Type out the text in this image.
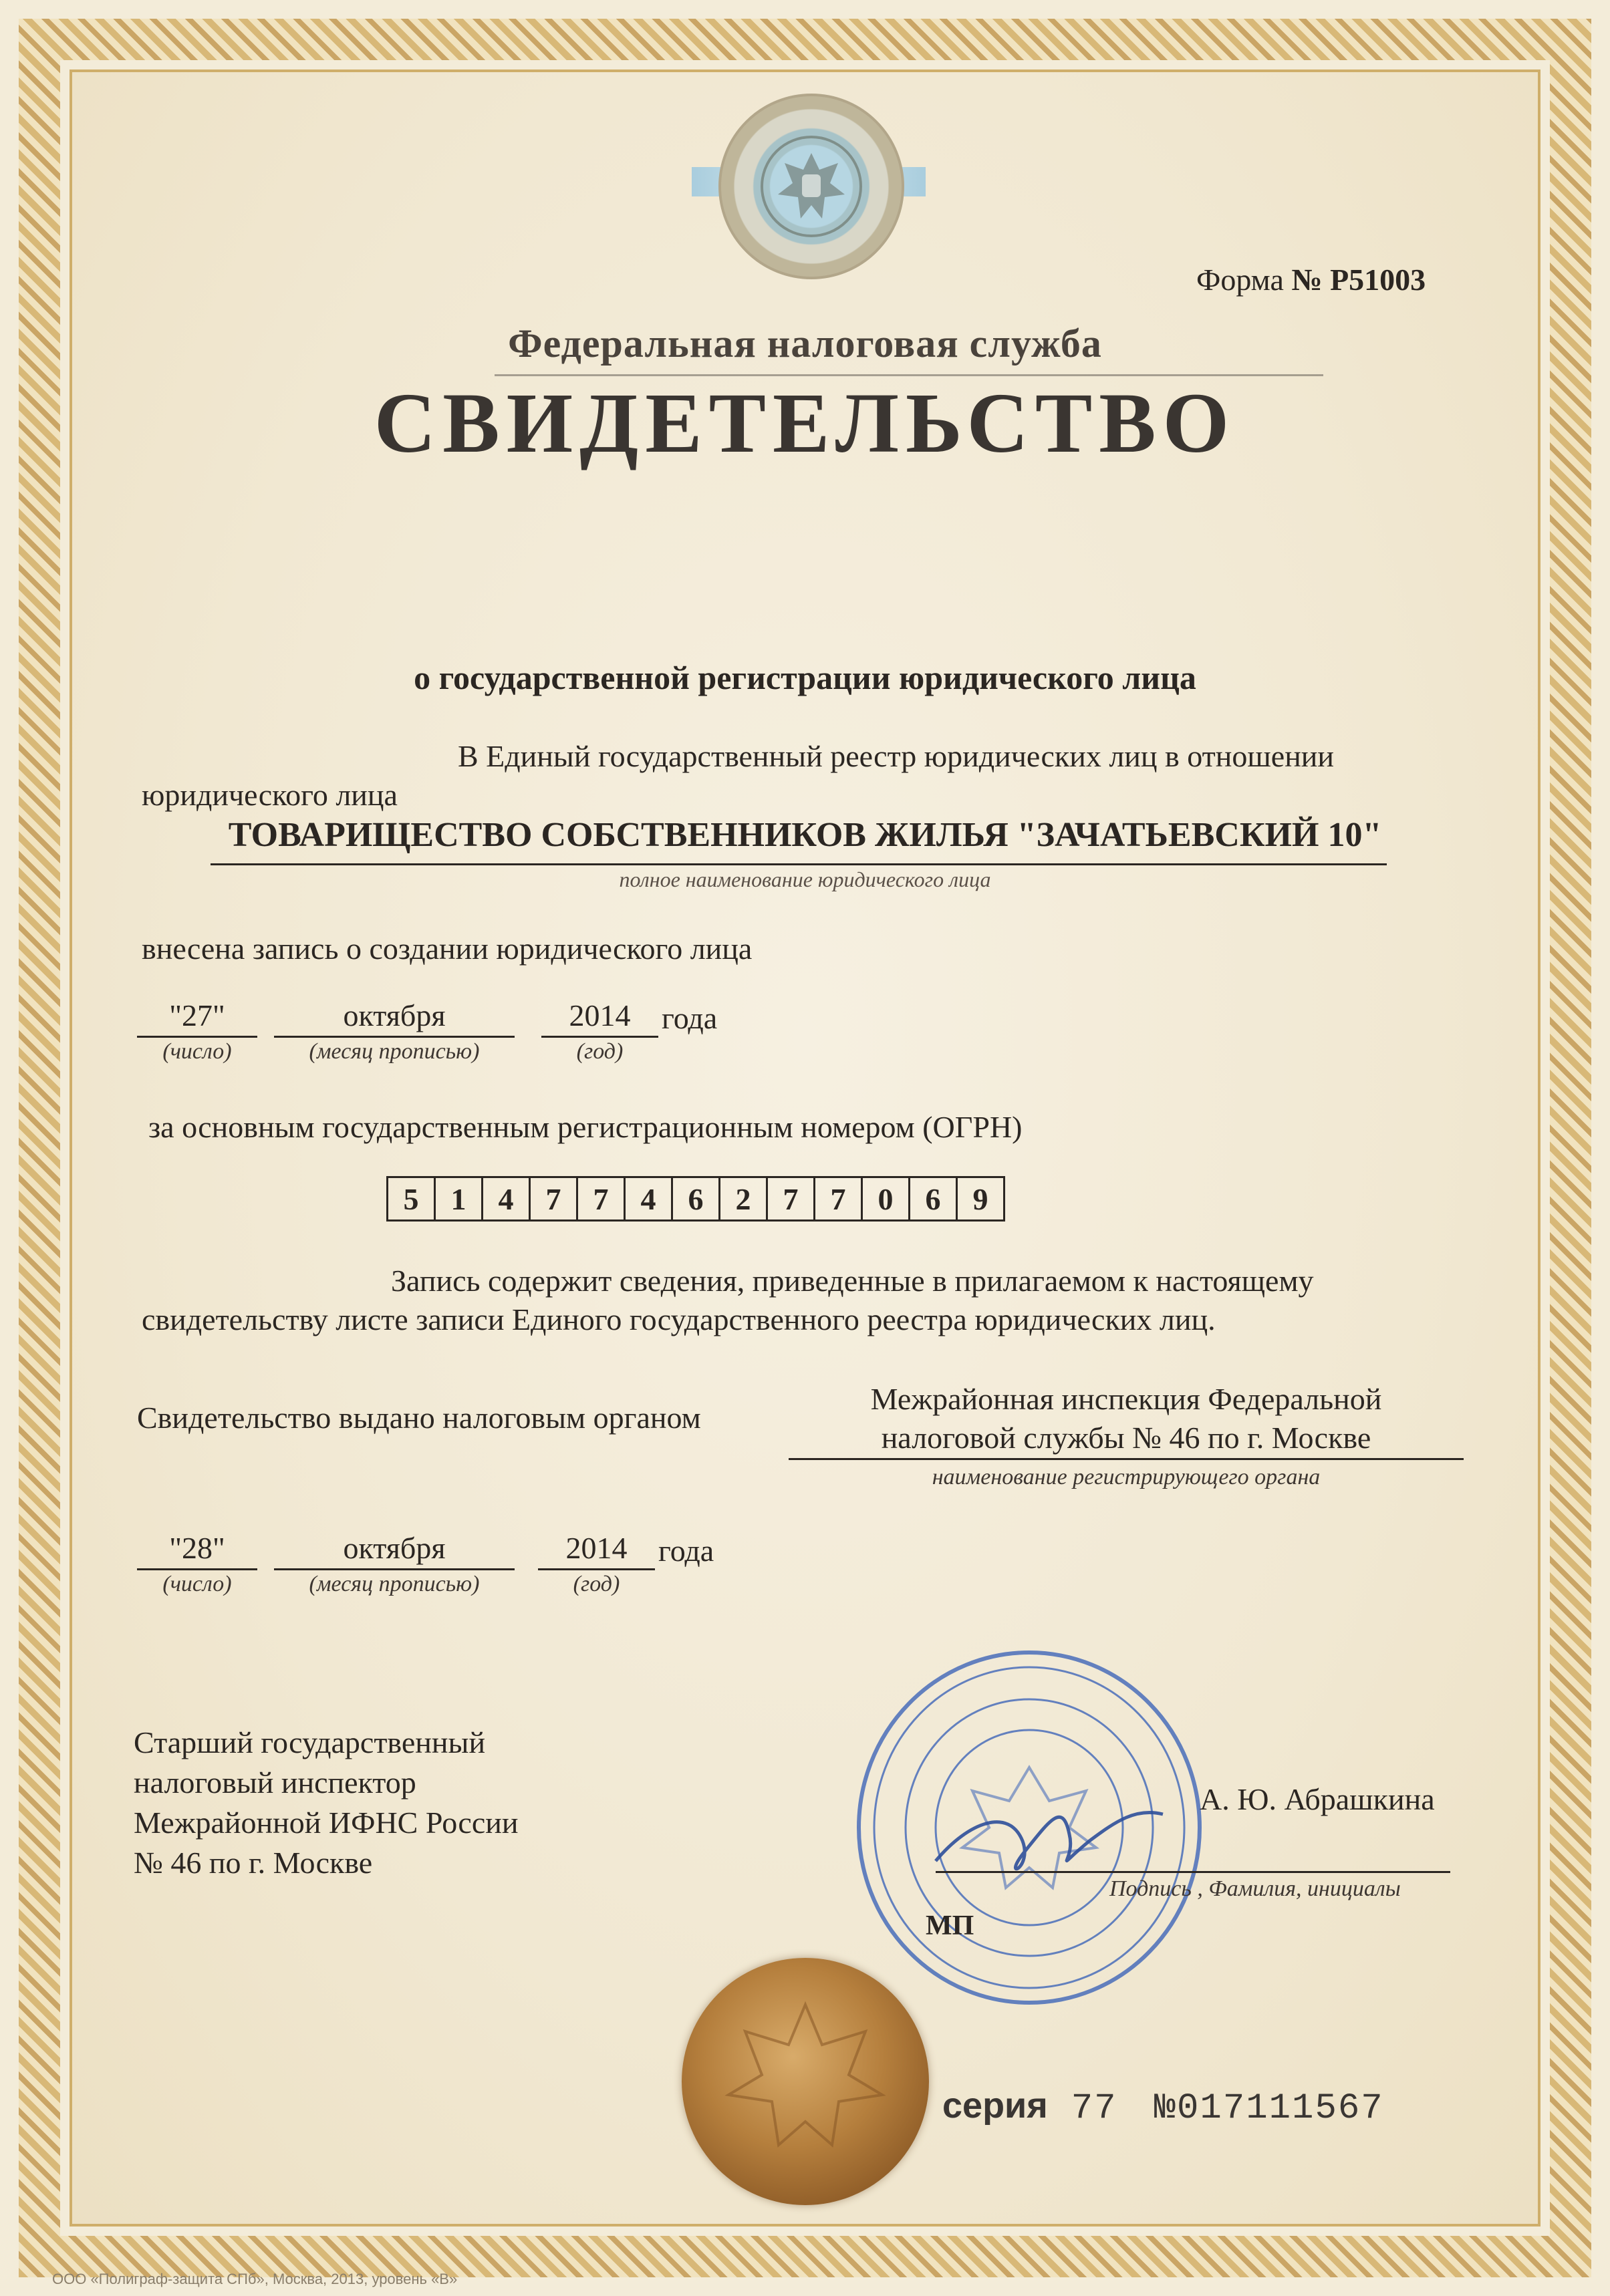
Форма № Р51003
Федеральная налоговая служба
СВИДЕТЕЛЬСТВО
о государственной регистрации юридического лица
В Единый государственный реестр юридических лиц в отношении
юридического лица
ТОВАРИЩЕСТВО СОБСТВЕННИКОВ ЖИЛЬЯ "ЗАЧАТЬЕВСКИЙ 10"
полное наименование юридического лица
внесена запись о создании юридического лица
"27"
(число)
октября
(месяц прописью)
2014
(год)
года
за основным государственным регистрационным номером (ОГРН)
5	1	4	7	7	4	6	2	7	7	0	6	9
Запись содержит сведения, приведенные в прилагаемом к настоящему
свидетельству листе записи Единого государственного реестра юридических лиц.
Свидетельство выдано налоговым органом
Межрайонная инспекция Федеральной
налоговой службы № 46 по г. Москве
наименование регистрирующего органа
"28"
(число)
октября
(месяц прописью)
2014
(год)
года
Старший государственный
налоговый инспектор
Межрайонной ИФНС России
№ 46 по г. Москве
А. Ю. Абрашкина
Подпись , Фамилия, инициалы
МП
серия 77 №017111567
ООО «Полиграф-защита СПб», Москва, 2013, уровень «В»
